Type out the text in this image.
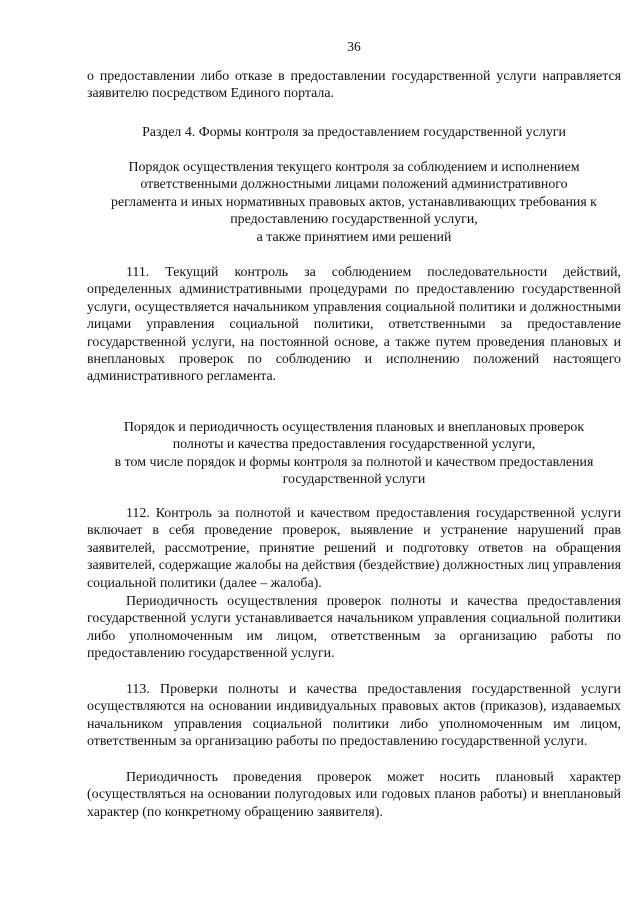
36
о предоставлении либо отказе в предоставлении государственной услуги направляется заявителю посредством Единого портала.
Раздел 4. Формы контроля за предоставлением государственной услуги
Порядок осуществления текущего контроля за соблюдением и исполнением
ответственными должностными лицами положений административного
регламента и иных нормативных правовых актов, устанавливающих требования к
предоставлению государственной услуги,
а также принятием ими решений
111. Текущий контроль за соблюдением последовательности действий, определенных административными процедурами по предоставлению государственной услуги, осуществляется начальником управления социальной политики и должностными лицами управления социальной политики, ответственными за предоставление государственной услуги, на постоянной основе, а также путем проведения плановых и внеплановых проверок по соблюдению и исполнению положений настоящего административного регламента.
Порядок и периодичность осуществления плановых и внеплановых проверок
полноты и качества предоставления государственной услуги,
в том числе порядок и формы контроля за полнотой и качеством предоставления
государственной услуги
112. Контроль за полнотой и качеством предоставления государственной услуги включает в себя проведение проверок, выявление и устранение нарушений прав заявителей, рассмотрение, принятие решений и подготовку ответов на обращения заявителей, содержащие жалобы на действия (бездействие) должностных лиц управления социальной политики (далее – жалоба).
Периодичность осуществления проверок полноты и качества предоставления государственной услуги устанавливается начальником управления социальной политики либо уполномоченным им лицом, ответственным за организацию работы по предоставлению государственной услуги.
113. Проверки полноты и качества предоставления государственной услуги осуществляются на основании индивидуальных правовых актов (приказов), издаваемых начальником управления социальной политики либо уполномоченным им лицом, ответственным за организацию работы по предоставлению государственной услуги.
Периодичность проведения проверок может носить плановый характер (осуществляться на основании полугодовых или годовых планов работы) и внеплановый характер (по конкретному обращению заявителя).
